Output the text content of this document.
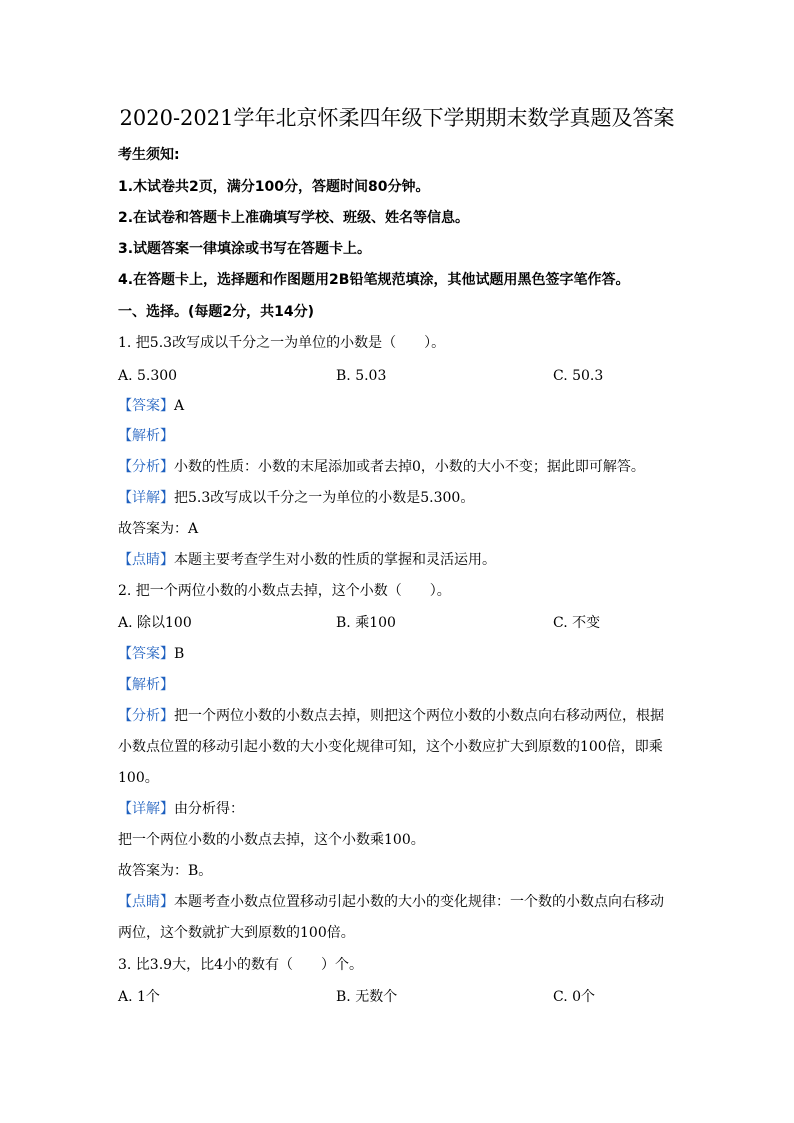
2020-2021学年北京怀柔四年级下学期期末数学真题及答案

考生须知:

1.木试卷共2页，满分100分，答题时间80分钟。

2.在试卷和答题卡上准确填写学校、班级、姓名等信息。

3.试题答案一律填涂或书写在答题卡上。

4.在答题卡上，选择题和作图题用2B铅笔规范填涂，其他试题用黑色签字笔作答。

一、选择。(每题2分，共14分)

1. 把5.3改写成以千分之一为单位的小数是（　　）。

A. 5.300	B. 5.03	C. 50.3

【答案】A

【解析】

【分析】小数的性质：小数的末尾添加或者去掉0，小数的大小不变；据此即可解答。

【详解】把5.3改写成以千分之一为单位的小数是5.300。

故答案为：A

【点睛】本题主要考查学生对小数的性质的掌握和灵活运用。

2. 把一个两位小数的小数点去掉，这个小数（　　）。

A. 除以100	B. 乘100	C. 不变

【答案】B

【解析】

【分析】把一个两位小数的小数点去掉，则把这个两位小数的小数点向右移动两位，根据

小数点位置的移动引起小数的大小变化规律可知，这个小数应扩大到原数的100倍，即乘

100。

【详解】由分析得：

把一个两位小数的小数点去掉，这个小数乘100。

故答案为：B。

【点睛】本题考查小数点位置移动引起小数的大小的变化规律：一个数的小数点向右移动

两位，这个数就扩大到原数的100倍。

3. 比3.9大，比4小的数有（　　）个。

A. 1个	B. 无数个	C. 0个
